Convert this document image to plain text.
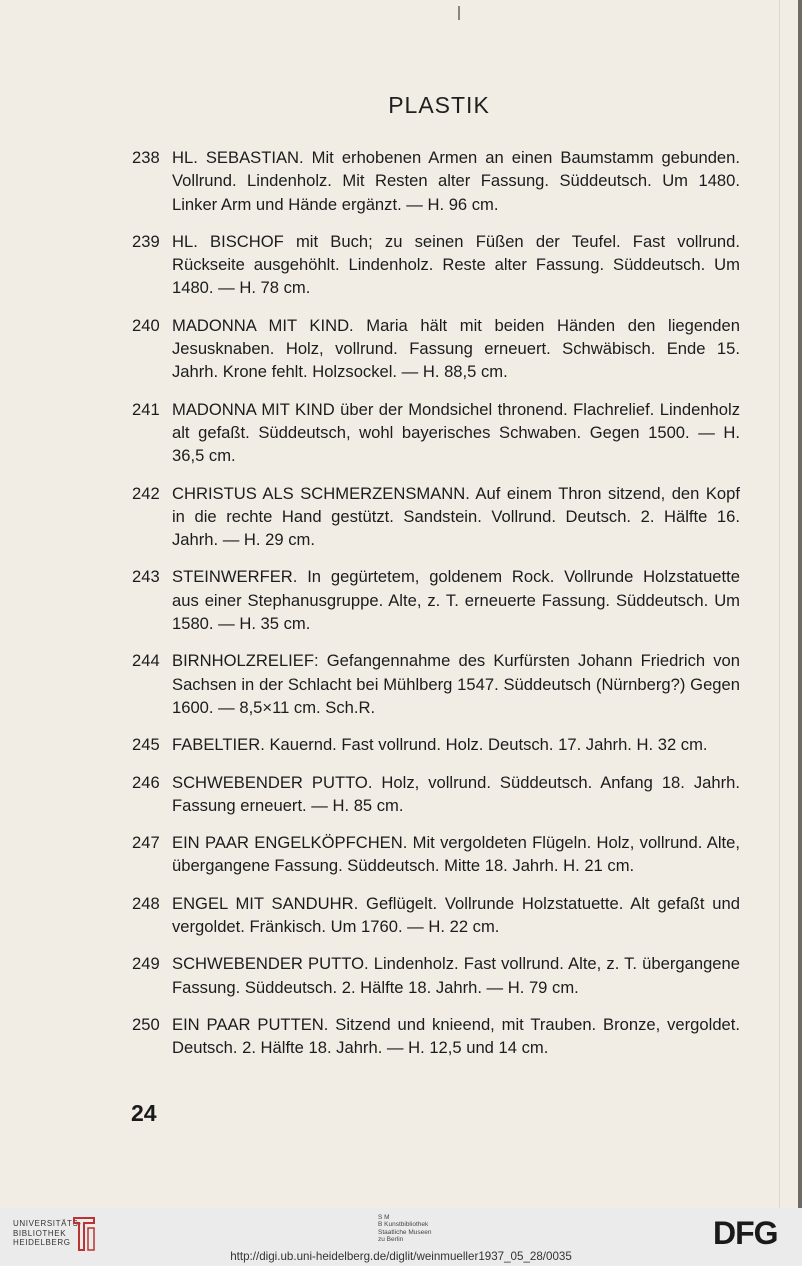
PLASTIK
238 HL. SEBASTIAN. Mit erhobenen Armen an einen Baumstamm gebunden. Vollrund. Lindenholz. Mit Resten alter Fassung. Süddeutsch. Um 1480. Linker Arm und Hände ergänzt. — H. 96 cm.
239 HL. BISCHOF mit Buch; zu seinen Füßen der Teufel. Fast vollrund. Rückseite ausgehöhlt. Lindenholz. Reste alter Fassung. Süddeutsch. Um 1480. — H. 78 cm.
240 MADONNA MIT KIND. Maria hält mit beiden Händen den liegenden Jesusknaben. Holz, vollrund. Fassung erneuert. Schwäbisch. Ende 15. Jahrh. Krone fehlt. Holzsockel. — H. 88,5 cm.
241 MADONNA MIT KIND über der Mondsichel thronend. Flachrelief. Lindenholz alt gefaßt. Süddeutsch, wohl bayerisches Schwaben. Gegen 1500. — H. 36,5 cm.
242 CHRISTUS ALS SCHMERZENSMANN. Auf einem Thron sitzend, den Kopf in die rechte Hand gestützt. Sandstein. Vollrund. Deutsch. 2. Hälfte 16. Jahrh. — H. 29 cm.
243 STEINWERFER. In gegürtetem, goldenem Rock. Vollrunde Holzstatuette aus einer Stephanusgruppe. Alte, z. T. erneuerte Fassung. Süddeutsch. Um 1580. — H. 35 cm.
244 BIRNHOLZRELIEF: Gefangennahme des Kurfürsten Johann Friedrich von Sachsen in der Schlacht bei Mühlberg 1547. Süddeutsch (Nürnberg?) Gegen 1600. — 8,5×11 cm. Sch.R.
245 FABELTIER. Kauernd. Fast vollrund. Holz. Deutsch. 17. Jahrh. H. 32 cm.
246 SCHWEBENDER PUTTO. Holz, vollrund. Süddeutsch. Anfang 18. Jahrh. Fassung erneuert. — H. 85 cm.
247 EIN PAAR ENGELKÖPFCHEN. Mit vergoldeten Flügeln. Holz, vollrund. Alte, übergangene Fassung. Süddeutsch. Mitte 18. Jahrh. H. 21 cm.
248 ENGEL MIT SANDUHR. Geflügelt. Vollrunde Holzstatuette. Alt gefaßt und vergoldet. Fränkisch. Um 1760. — H. 22 cm.
249 SCHWEBENDER PUTTO. Lindenholz. Fast vollrund. Alte, z. T. übergangene Fassung. Süddeutsch. 2. Hälfte 18. Jahrh. — H. 79 cm.
250 EIN PAAR PUTTEN. Sitzend und knieend, mit Trauben. Bronze, vergoldet. Deutsch. 2. Hälfte 18. Jahrh. — H. 12,5 und 14 cm.
24
UNIVERSITÄTS-
BIBLIOTHEK
HEIDELBERG
S M
B Kunstbibliothek
Staatliche Museen
zu Berlin	DFG
http://digi.ub.uni-heidelberg.de/diglit/weinmueller1937_05_28/0035
